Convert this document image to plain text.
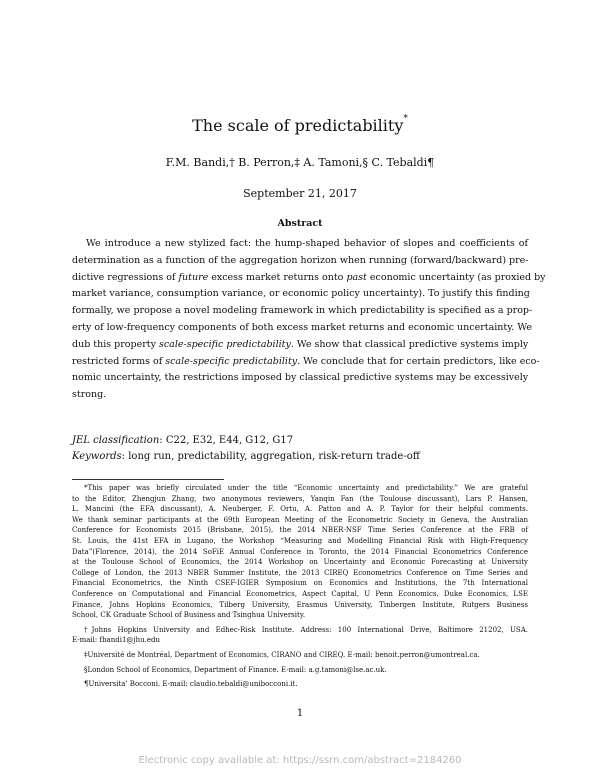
The scale of predictability*
F.M. Bandi,† B. Perron,‡ A. Tamoni,§ C. Tebaldi¶
September 21, 2017
Abstract
We introduce a new stylized fact: the hump-shaped behavior of slopes and coefficients of
determination as a function of the aggregation horizon when running (forward/backward) pre-
dictive regressions of future excess market returns onto past economic uncertainty (as proxied by
market variance, consumption variance, or economic policy uncertainty). To justify this finding
formally, we propose a novel modeling framework in which predictability is specified as a prop-
erty of low-frequency components of both excess market returns and economic uncertainty. We
dub this property scale-specific predictability. We show that classical predictive systems imply
restricted forms of scale-specific predictability. We conclude that for certain predictors, like eco-
nomic uncertainty, the restrictions imposed by classical predictive systems may be excessively
strong.
JEL classification: C22, E32, E44, G12, G17
Keywords: long run, predictability, aggregation, risk-return trade-off
*This paper was briefly circulated under the title “Economic uncertainty and predictability.” We are grateful
to the Editor, Zhengjun Zhang, two anonymous reviewers, Yanqin Fan (the Toulouse discussant), Lars P. Hansen,
L. Mancini (the EFA discussant), A. Neuberger, F. Ortu, A. Patton and A. P. Taylor for their helpful comments.
We thank seminar participants at the 69th European Meeting of the Econometric Society in Geneva, the Australian
Conference for Economists 2015 (Brisbane, 2015), the 2014 NBER-NSF Time Series Conference at the FRB of
St. Louis, the 41st EFA in Lugano, the Workshop “Measuring and Modelling Financial Risk with High-Frequency
Data”(Florence, 2014), the 2014 SoFiE Annual Conference in Toronto, the 2014 Financial Econometrics Conference
at the Toulouse School of Economics, the 2014 Workshop on Uncertainty and Economic Forecasting at University
College of London, the 2013 NBER Summer Institute, the 2013 CIREQ Econometrics Conference on Time Series and
Financial Econometrics, the Ninth CSEF-IGIER Symposium on Economics and Institutions, the 7th International
Conference on Computational and Financial Econometrics, Aspect Capital, U Penn Economics, Duke Economics, LSE
Finance, Johns Hopkins Economics, Tilberg University, Erasmus University, Tinbergen Institute, Rutgers Business
School, CK Graduate School of Business and Tsinghua University.
†Johns Hopkins University and Edhec-Risk Institute. Address: 100 International Drive, Baltimore 21202, USA.
E-mail: fbandi1@jhu.edu
‡Université de Montréal, Department of Economics, CIRANO and CIREQ. E-mail: benoit.perron@umontreal.ca.
§London School of Economics, Department of Finance. E-mail: a.g.tamoni@lse.ac.uk.
¶Universita’ Bocconi. E-mail: claudio.tebaldi@unibocconi.it.
1
Electronic copy available at: https://ssrn.com/abstract=2184260
